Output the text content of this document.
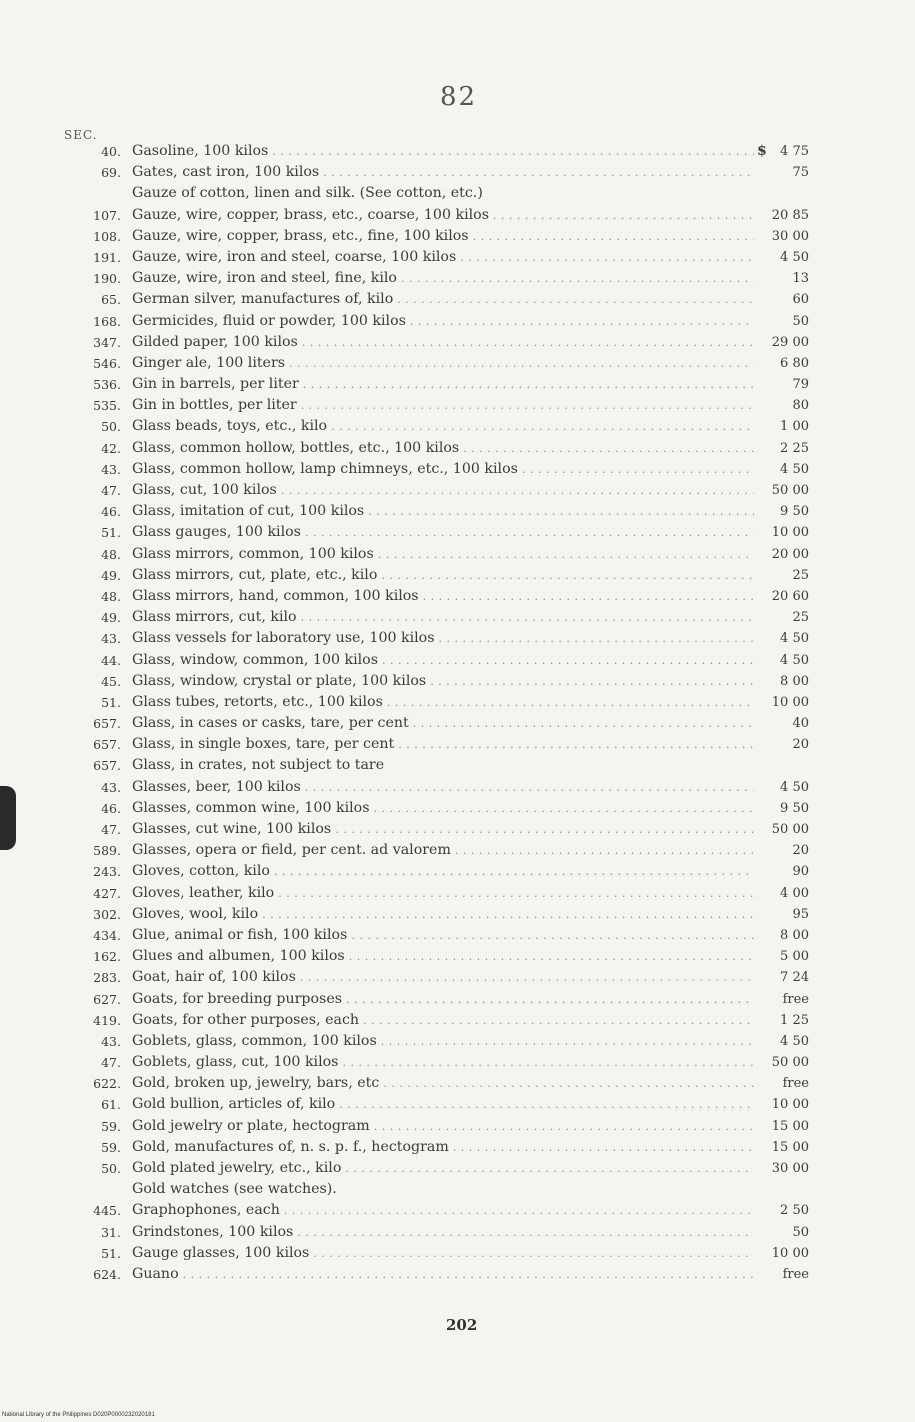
82
SEC.
40. Gasoline, 100 kilos . . .	$ 4 75
69. Gates, cast iron, 100 kilos . . .	75
Gauze of cotton, linen and silk. (See cotton, etc.)
107. Gauze, wire, copper, brass, etc., coarse, 100 kilos . . .	20 85
108. Gauze, wire, copper, brass, etc., fine, 100 kilos . . .	30 00
191. Gauze, wire, iron and steel, coarse, 100 kilos . . .	4 50
190. Gauze, wire, iron and steel, fine, kilo . . .	13
65. German silver, manufactures of, kilo . . .	60
168. Germicides, fluid or powder, 100 kilos . . .	50
347. Gilded paper, 100 kilos . . .	29 00
546. Ginger ale, 100 liters . . .	6 80
536. Gin in barrels, per liter . . .	79
535. Gin in bottles, per liter . . .	80
50. Glass beads, toys, etc., kilo . . .	1 00
42. Glass, common hollow, bottles, etc., 100 kilos . . .	2 25
43. Glass, common hollow, lamp chimneys, etc., 100 kilos . . .	4 50
47. Glass, cut, 100 kilos . . .	50 00
46. Glass, imitation of cut, 100 kilos . . .	9 50
51. Glass gauges, 100 kilos . . .	10 00
48. Glass mirrors, common, 100 kilos . . .	20 00
49. Glass mirrors, cut, plate, etc., kilo . . .	25
48. Glass mirrors, hand, common, 100 kilos . . .	20 60
49. Glass mirrors, cut, kilo . . .	25
43. Glass vessels for laboratory use, 100 kilos . . .	4 50
44. Glass, window, common, 100 kilos . . .	4 50
45. Glass, window, crystal or plate, 100 kilos . . .	8 00
51. Glass tubes, retorts, etc., 100 kilos . . .	10 00
657. Glass, in cases or casks, tare, per cent . . .	40
657. Glass, in single boxes, tare, per cent . . .	20
657. Glass, in crates, not subject to tare
43. Glasses, beer, 100 kilos . . .	4 50
46. Glasses, common wine, 100 kilos . . .	9 50
47. Glasses, cut wine, 100 kilos . . .	50 00
589. Glasses, opera or field, per cent. ad valorem . . .	20
243. Gloves, cotton, kilo . . .	90
427. Gloves, leather, kilo . . .	4 00
302. Gloves, wool, kilo . . .	95
434. Glue, animal or fish, 100 kilos . . .	8 00
162. Glues and albumen, 100 kilos . . .	5 00
283. Goat, hair of, 100 kilos . . .	7 24
627. Goats, for breeding purposes . . .	free
419. Goats, for other purposes, each . . .	1 25
43. Goblets, glass, common, 100 kilos . . .	4 50
47. Goblets, glass, cut, 100 kilos . . .	50 00
622. Gold, broken up, jewelry, bars, etc . . .	free
61. Gold bullion, articles of, kilo . . .	10 00
59. Gold jewelry or plate, hectogram . . .	15 00
59. Gold, manufactures of, n. s. p. f., hectogram . . .	15 00
50. Gold plated jewelry, etc., kilo . . .	30 00
Gold watches (see watches).
445. Graphophones, each . . .	2 50
31. Grindstones, 100 kilos . . .	50
51. Gauge glasses, 100 kilos . . .	10 00
624. Guano . . .	free
202
National Library of the Philippines D020P0000232020181
